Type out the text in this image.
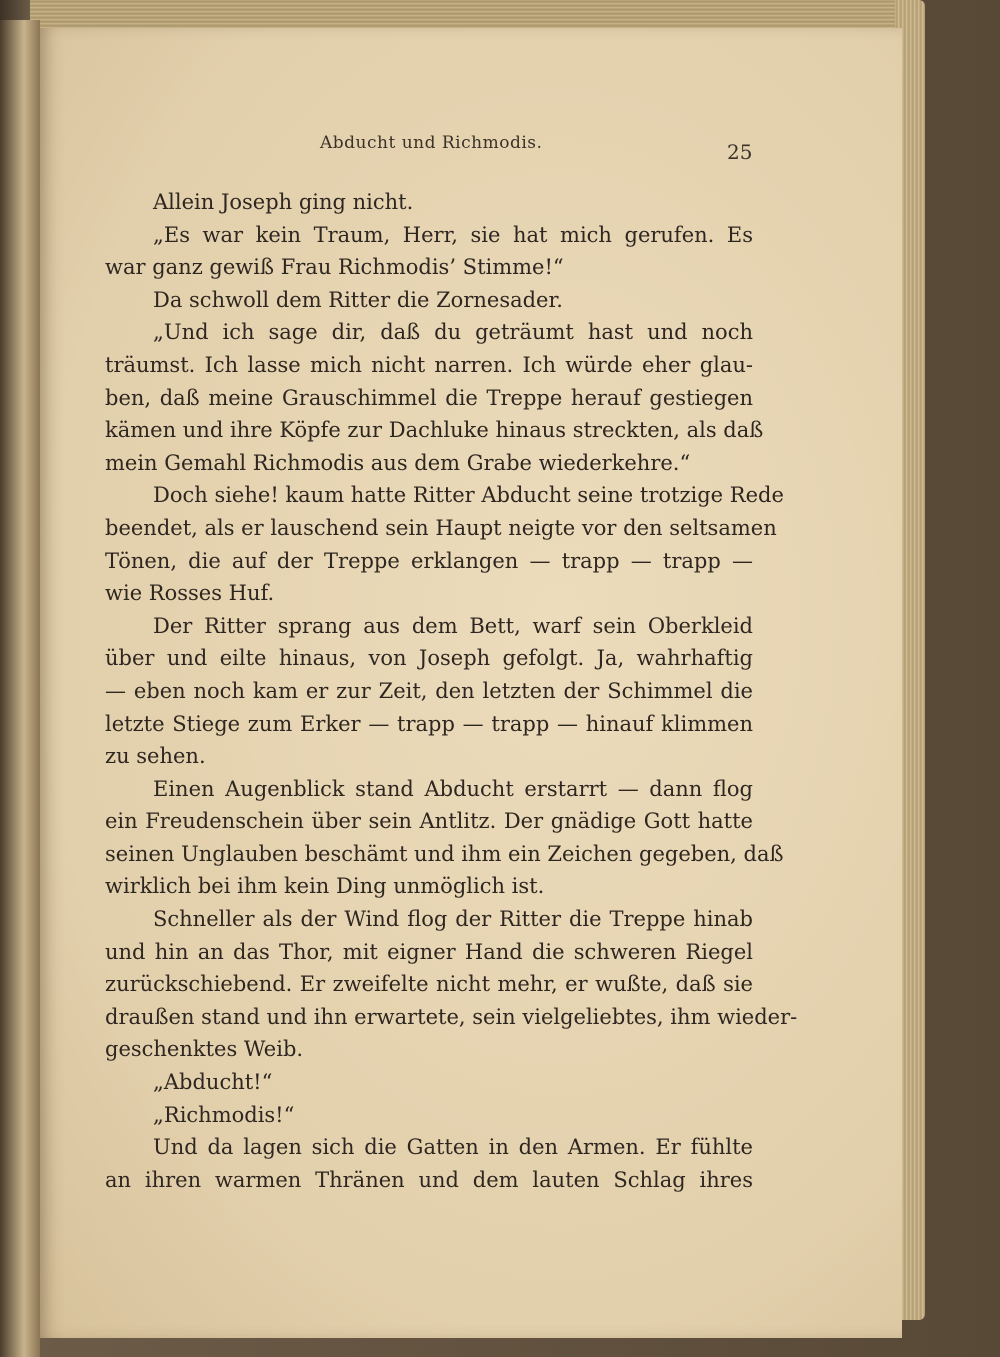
Abducht und Richmodis.	25
Allein Joseph ging nicht.
„Es war kein Traum, Herr, sie hat mich gerufen. Es
war ganz gewiß Frau Richmodis’ Stimme!“
Da schwoll dem Ritter die Zornesader.
„Und ich sage dir, daß du geträumt hast und noch
träumst. Ich lasse mich nicht narren. Ich würde eher glau-
ben, daß meine Grauschimmel die Treppe herauf gestiegen
kämen und ihre Köpfe zur Dachluke hinaus streckten, als daß
mein Gemahl Richmodis aus dem Grabe wiederkehre.“
Doch siehe! kaum hatte Ritter Abducht seine trotzige Rede
beendet, als er lauschend sein Haupt neigte vor den seltsamen
Tönen, die auf der Treppe erklangen — trapp — trapp —
wie Rosses Huf.
Der Ritter sprang aus dem Bett, warf sein Oberkleid
über und eilte hinaus, von Joseph gefolgt. Ja, wahrhaftig
— eben noch kam er zur Zeit, den letzten der Schimmel die
letzte Stiege zum Erker — trapp — trapp — hinauf klimmen
zu sehen.
Einen Augenblick stand Abducht erstarrt — dann flog
ein Freudenschein über sein Antlitz. Der gnädige Gott hatte
seinen Unglauben beschämt und ihm ein Zeichen gegeben, daß
wirklich bei ihm kein Ding unmöglich ist.
Schneller als der Wind flog der Ritter die Treppe hinab
und hin an das Thor, mit eigner Hand die schweren Riegel
zurückschiebend. Er zweifelte nicht mehr, er wußte, daß sie
draußen stand und ihn erwartete, sein vielgeliebtes, ihm wieder-
geschenktes Weib.
„Abducht!“
„Richmodis!“
Und da lagen sich die Gatten in den Armen. Er fühlte
an ihren warmen Thränen und dem lauten Schlag ihres
